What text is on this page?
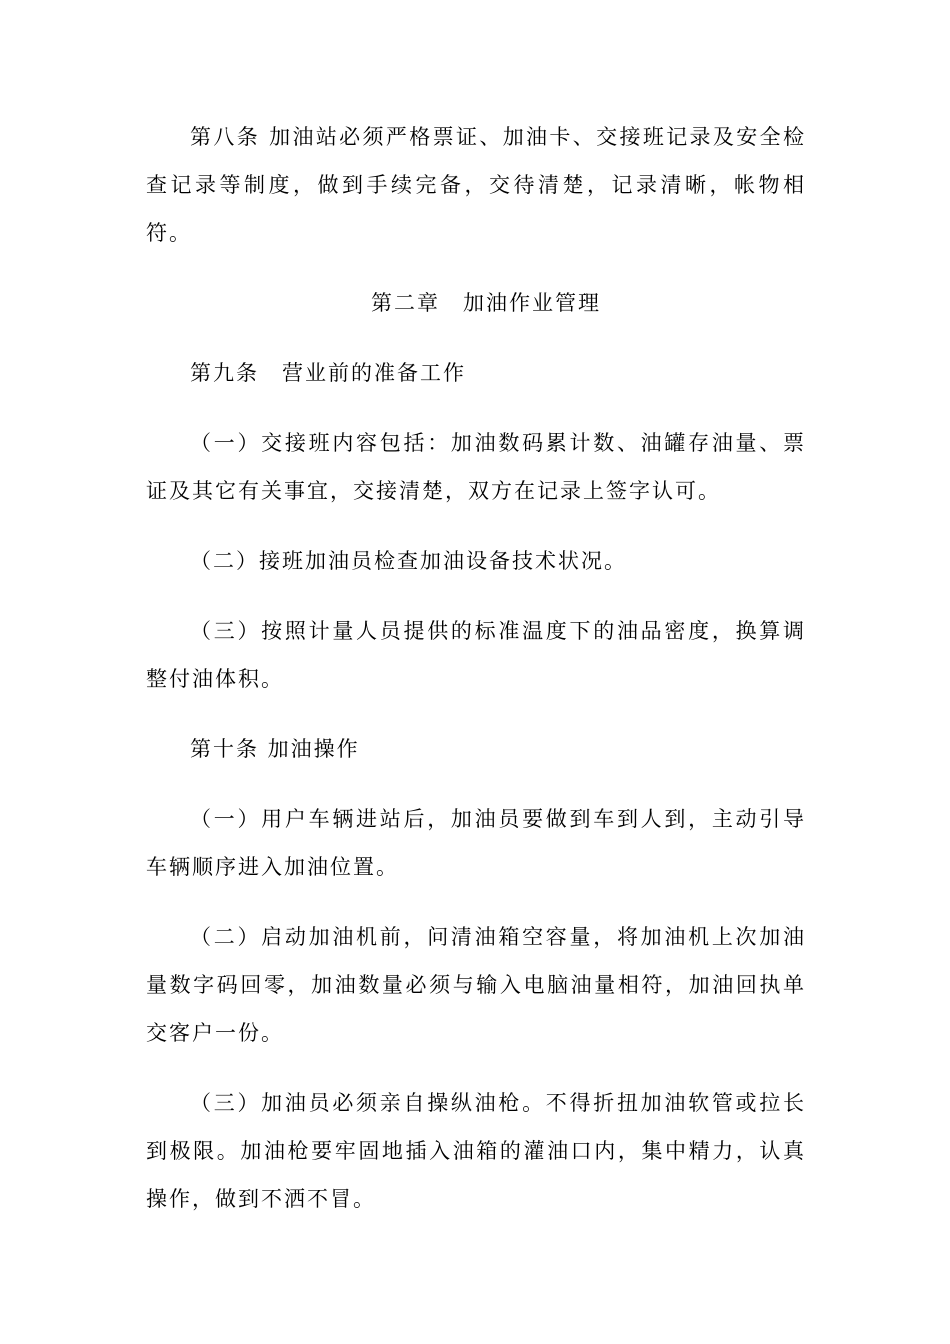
第八条 加油站必须严格票证、加油卡、交接班记录及安全检查记录等制度，做到手续完备，交待清楚，记录清晰，帐物相符。

第二章　加油作业管理

第九条　营业前的准备工作

（一）交接班内容包括：加油数码累计数、油罐存油量、票证及其它有关事宜，交接清楚，双方在记录上签字认可。

（二）接班加油员检查加油设备技术状况。

（三）按照计量人员提供的标准温度下的油品密度，换算调整付油体积。

第十条 加油操作

（一）用户车辆进站后，加油员要做到车到人到，主动引导车辆顺序进入加油位置。

（二）启动加油机前，问清油箱空容量，将加油机上次加油量数字码回零，加油数量必须与输入电脑油量相符，加油回执单交客户一份。

（三）加油员必须亲自操纵油枪。不得折扭加油软管或拉长到极限。加油枪要牢固地插入油箱的灌油口内，集中精力，认真操作，做到不洒不冒。
